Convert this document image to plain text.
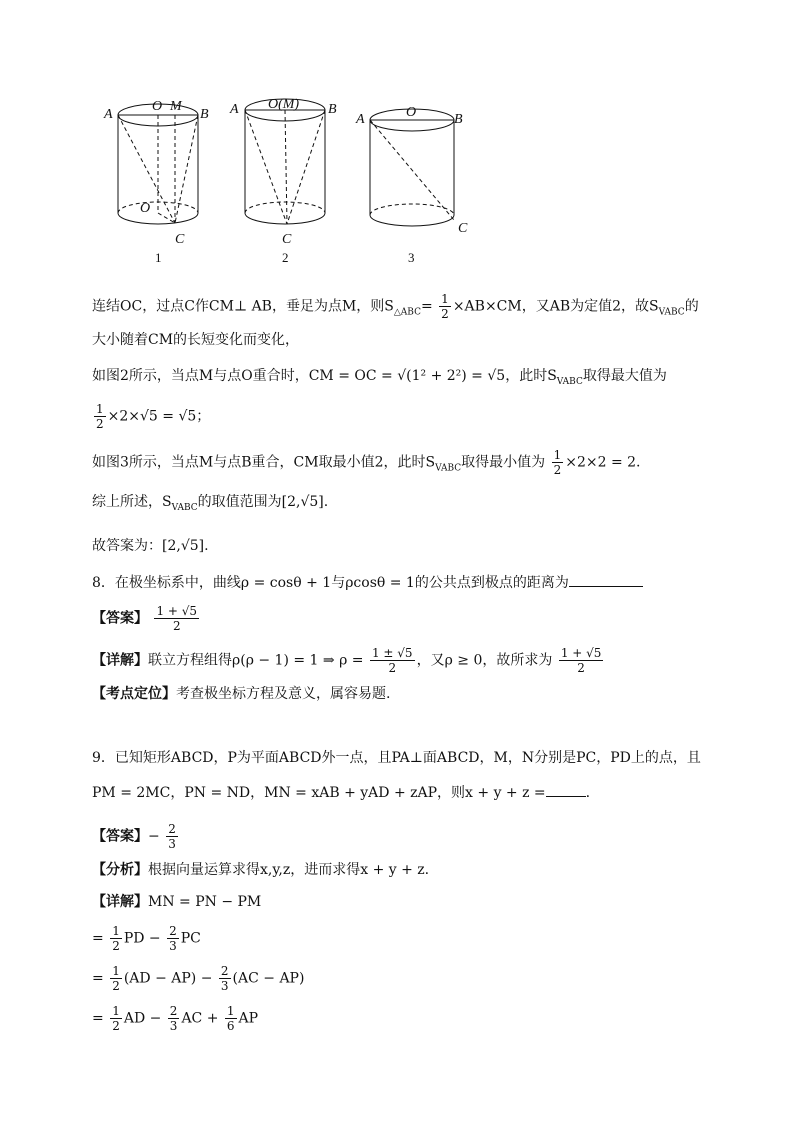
A
O M
B
O
C
A O(M) B
C
A	O	B
C
1	2	3
连结OC，过点C作CM⊥ AB，垂足为点M，则$S_{\triangle ABC}= \frac{1}{2} \times AB\times CM$，又AB为定值2，故$S_{VABC}$的
大小随着CM的长短变化而变化，
如图2所示，当点M与点O重合时，CM = OC = √(1² + 2²) = √5，此时$S_{VABC}$取得最大值为
$\frac{1}{2} \times 2\times√5 = √5$；
如图3所示，当点M与点B重合，CM取最小值2，此时$S_{VABC}$取得最小值为 $\frac{1}{2} \times 2\times 2 = 2$.
综上所述，$S_{VABC}$的取值范围为[2,√5].
故答案为：[2,√5].
8．在极坐标系中，曲线ρ = cosθ + 1与ρcosθ = 1的公共点到极点的距离为
【答案】 $\frac{1 + √5}{2}$
【详解】联立方程组得ρ(ρ − 1) = 1 ⇒ $\rho = \frac{1 \pm √5}{2}$ ，又ρ ≥ 0，故所求为 $\frac{1 + √5}{2}$
【考点定位】考查极坐标方程及意义，属容易题.
9．已知矩形ABCD，P为平面ABCD外一点，且PA⊥面ABCD，M，N分别是PC，PD上的点，且
PM = 2MC，PN = ND，MN = xAB + yAD + zAP，则x + y + z =	.
【答案】− $\frac{2}{3}$
【分析】根据向量运算求得x,y,z，进而求得x + y + z.
【详解】MN = PN − PM
= $\frac{1}{2}$ PD − $\frac{2}{3}$ PC
= $\frac{1}{2} (AD - AP) - \frac{2}{3} (AC - AP)$
= $\frac{1}{2}$ AD − $\frac{2}{3}$ AC + $\frac{1}{6}$ AP
